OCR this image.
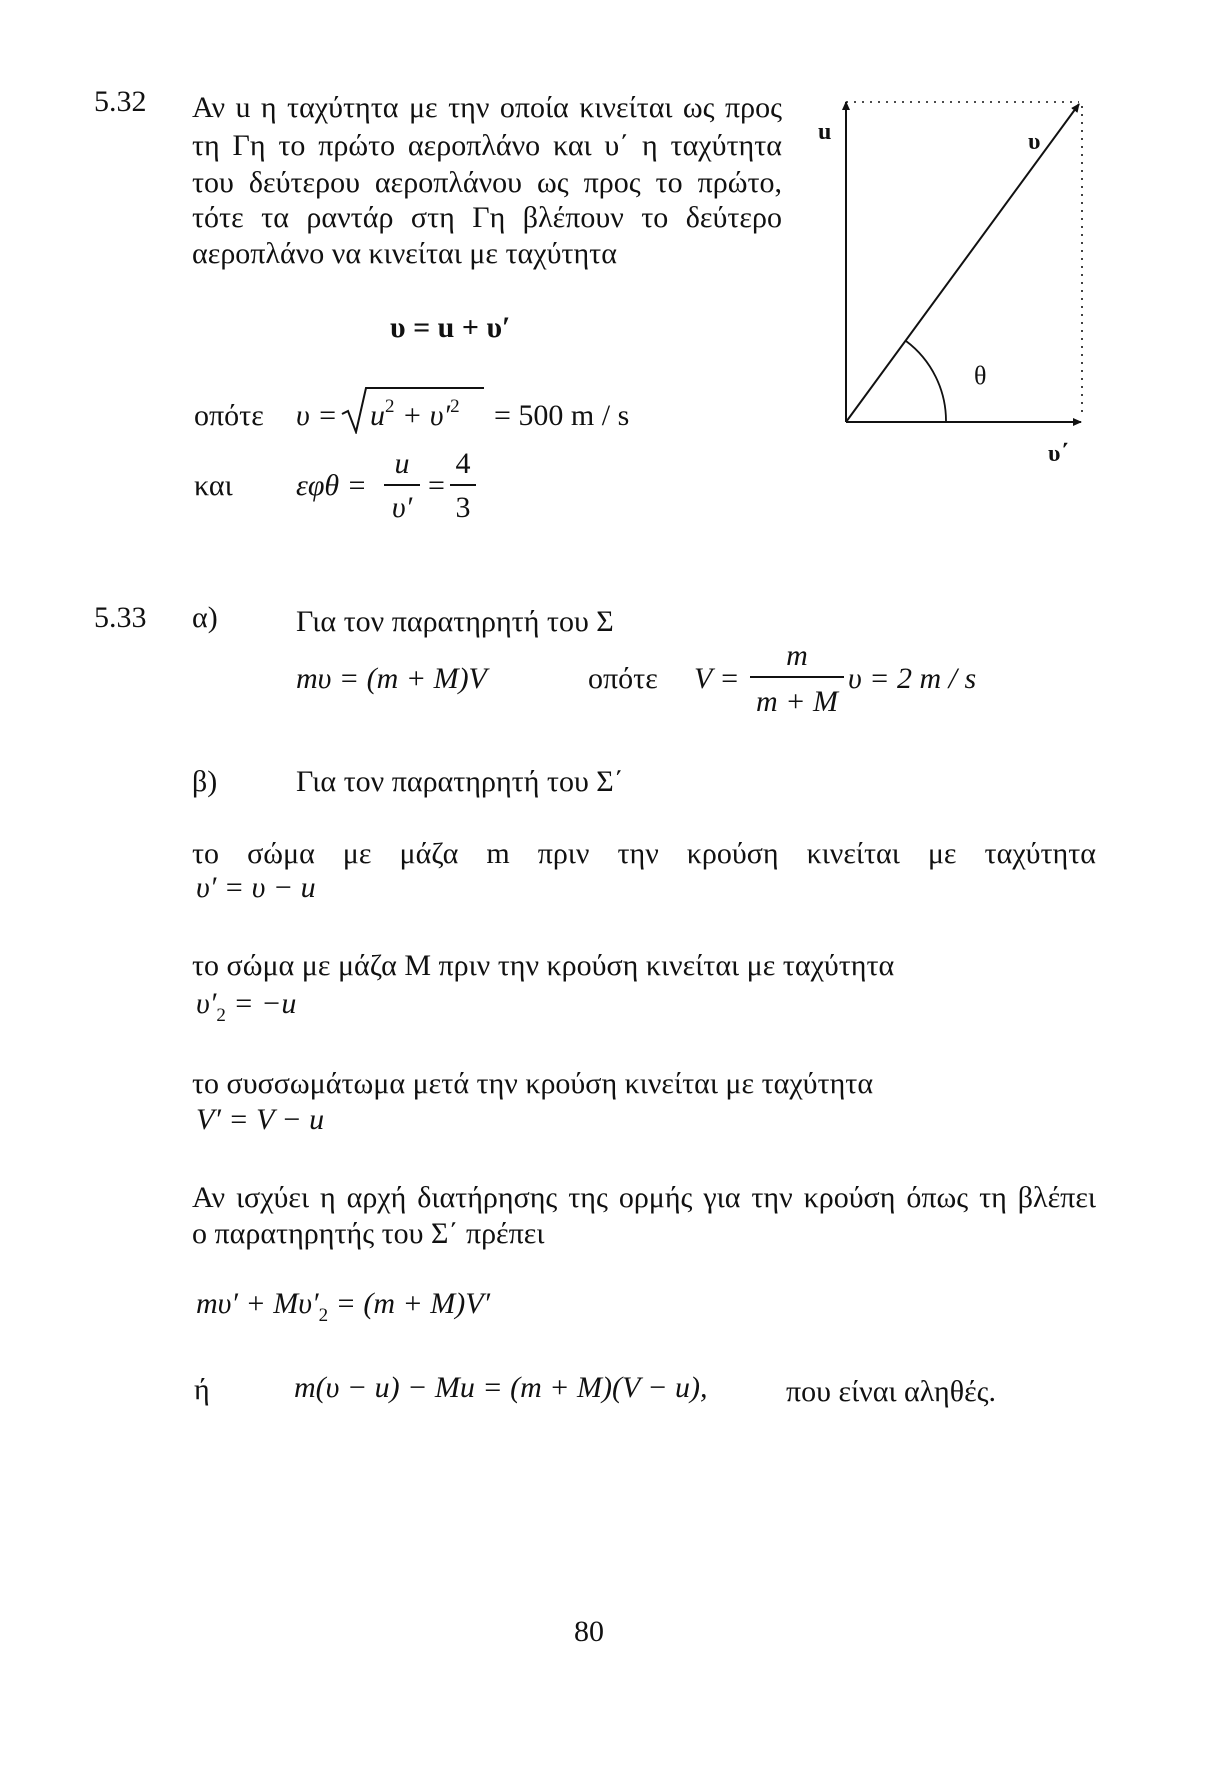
5.32 Αν u η ταχύτητα με την οποία κινείται ως προς
τη Γη το πρώτο αεροπλάνο και υ΄ η ταχύτητα
του δεύτερου αεροπλάνου ως προς το πρώτο,
τότε τα ραντάρ στη Γη βλέπουν το δεύτερο
αεροπλάνο να κινείται με ταχύτητα
υ = u + υ′
οπότε $\upsilon = u^2 + \upsilon'^2 = 500$ m / s
και εφθ =
u
υ′
=
4
3
u	υ
θ
υ΄
5.33 α)	Για τον παρατηρητή του Σ
mυ = (m + M)V	οπότε V =
m
m + M
υ = 2 m / s
β)	Για τον παρατηρητή του Σ΄
το σώμα με μάζα m πριν την κρούση κινείται με ταχύτητα
υ′ = υ − u
το σώμα με μάζα M πριν την κρούση κινείται με ταχύτητα
$\upsilon'_2 = -u$
το συσσωμάτωμα μετά την κρούση κινείται με ταχύτητα
V′ = V − u
Αν ισχύει η αρχή διατήρησης της ορμής για την κρούση όπως τη βλέπει
ο παρατηρητής του Σ΄ πρέπει
$m\upsilon' + M\upsilon'_2 = (m + M)V'$
ή	m(υ − u) − Mu = (m + M)(V − u),	που είναι αληθές.
80
